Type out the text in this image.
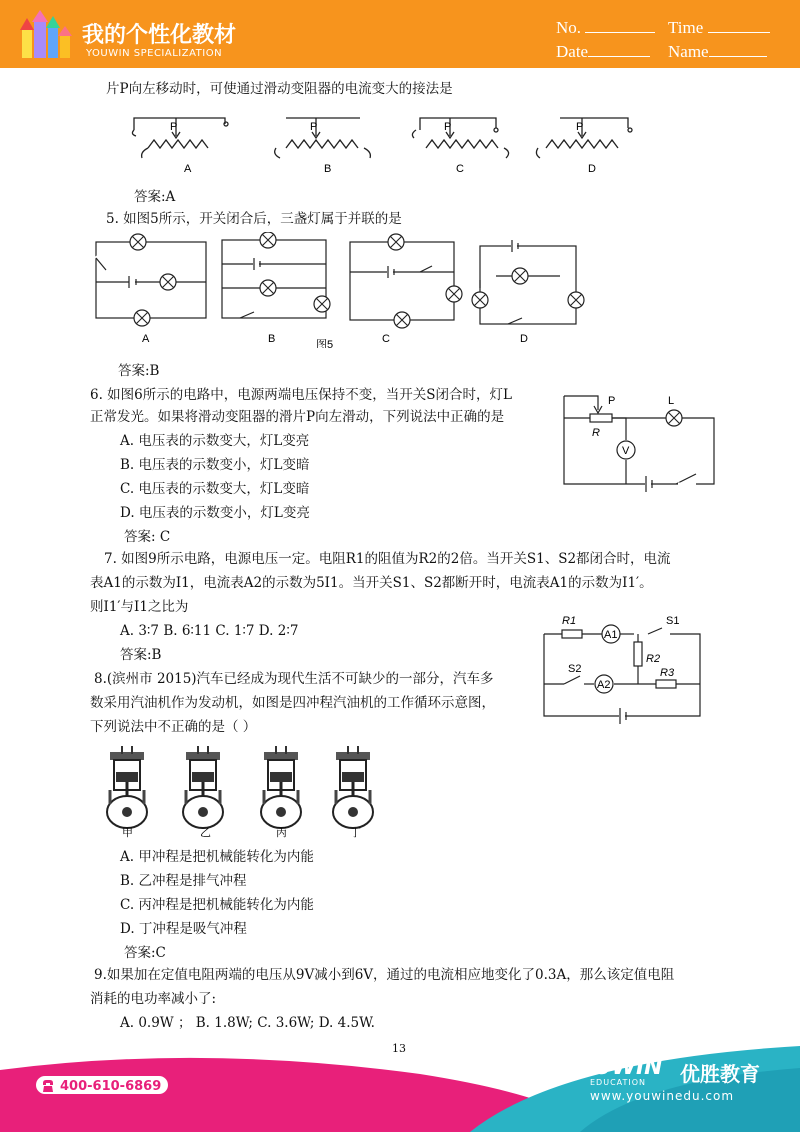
我的个性化教材
YOUWIN SPECIALIZATION
No.	Time
Date	Name
片P向左移动时，可使通过滑动变阻器的电流变大的接法是
P	P	P	P
A	B	C	D
答案:A
5. 如图5所示，开关闭合后，三盏灯属于并联的是
A	B	图5	C	D
答案:B
6. 如图6所示的电路中，电源两端电压保持不变，当开关S闭合时，灯L
正常发光。如果将滑动变阻器的滑片P向左滑动，下列说法中正确的是
A. 电压表的示数变大，灯L变亮
B. 电压表的示数变小，灯L变暗
C. 电压表的示数变大，灯L变暗
D. 电压表的示数变小，灯L变亮
答案: C
V
P	L
R
7. 如图9所示电路，电源电压一定。电阻R1的阻值为R2的2倍。当开关S1、S2都闭合时，电流
表A1的示数为I1，电流表A2的示数为5I1。当开关S1、S2都断开时，电流表A1的示数为I1′。
则I1′与I1之比为
A. 3∶7 B. 6∶11 C. 1∶7 D. 2∶7
答案:B
A1
A2
R1
R2
R3
S1
S2
8.(滨州市 2015)汽车已经成为现代生活不可缺少的一部分，汽车多
数采用汽油机作为发动机，如图是四冲程汽油机的工作循环示意图，
下列说法中不正确的是（ ）
甲	乙	丙	丁
A. 甲冲程是把机械能转化为内能
B. 乙冲程是排气冲程
C. 丙冲程是把机械能转化为内能
D. 丁冲程是吸气冲程
答案:C
9.如果加在定值电阻两端的电压从9V减小到6V，通过的电流相应地变化了0.3A，那么该定值电阻
消耗的电功率减小了:
A. 0.9W ； B. 1.8W; C. 3.6W; D. 4.5W.
13
400-610-6869
YOUWIN 优胜教育
EDUCATION
www.youwinedu.com
